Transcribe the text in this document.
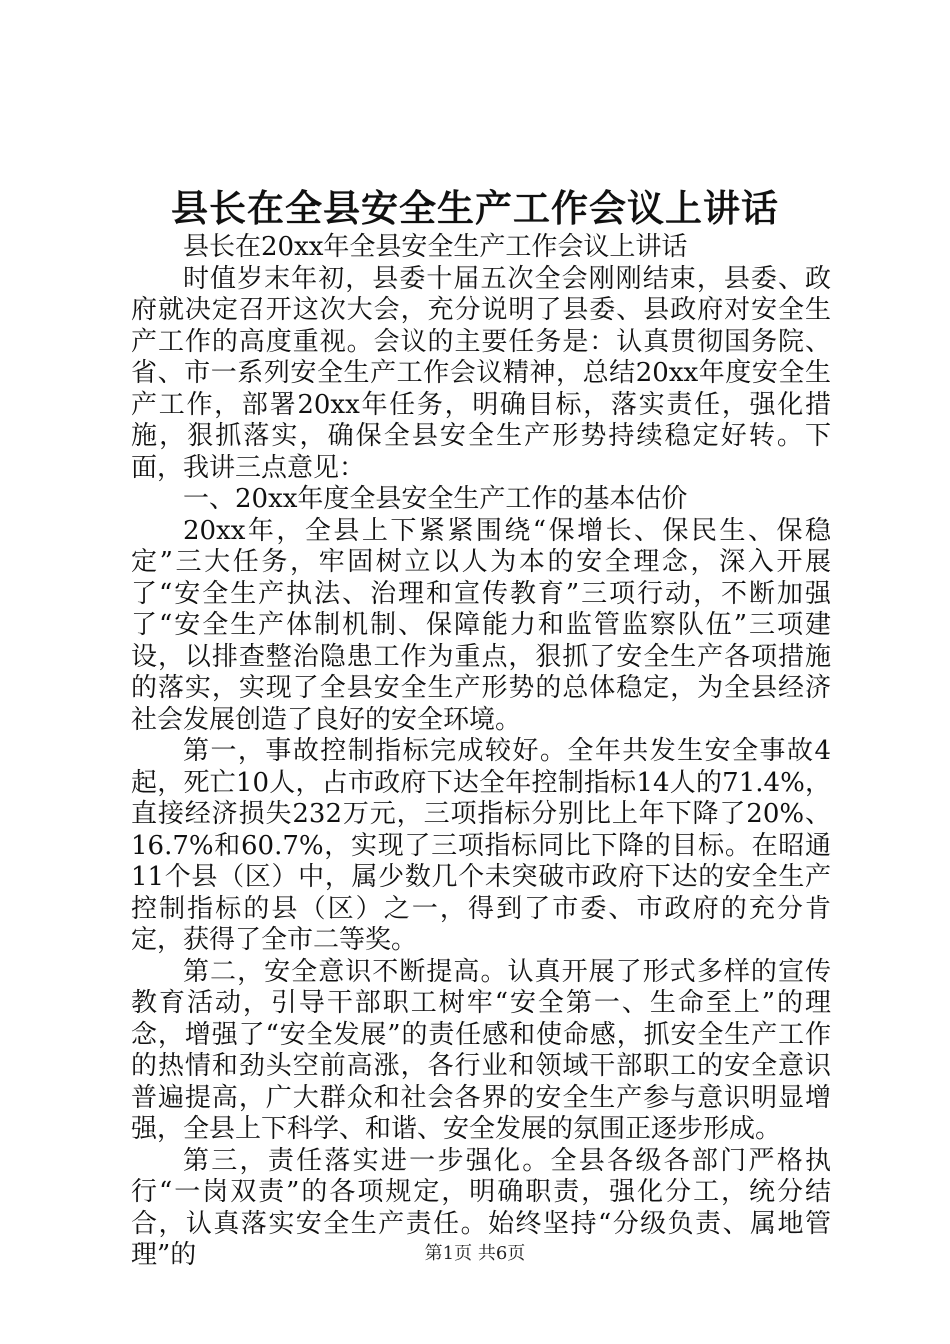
县长在全县安全生产工作会议上讲话

县长在20xx年全县安全生产工作会议上讲话

时值岁末年初，县委十届五次全会刚刚结束，县委、政府就决定召开这次大会，充分说明了县委、县政府对安全生产工作的高度重视。会议的主要任务是：认真贯彻国务院、省、市一系列安全生产工作会议精神，总结20xx年度安全生产工作，部署20xx年任务，明确目标，落实责任，强化措施，狠抓落实，确保全县安全生产形势持续稳定好转。下面，我讲三点意见：

一、20xx年度全县安全生产工作的基本估价

20xx年，全县上下紧紧围绕“保增长、保民生、保稳定”三大任务，牢固树立以人为本的安全理念，深入开展了“安全生产执法、治理和宣传教育”三项行动，不断加强了“安全生产体制机制、保障能力和监管监察队伍”三项建设，以排查整治隐患工作为重点，狠抓了安全生产各项措施的落实，实现了全县安全生产形势的总体稳定，为全县经济社会发展创造了良好的安全环境。

第一，事故控制指标完成较好。全年共发生安全事故4起，死亡10人，占市政府下达全年控制指标14人的71.4%，直接经济损失232万元，三项指标分别比上年下降了20%、16.7%和60.7%，实现了三项指标同比下降的目标。在昭通11个县（区）中，属少数几个未突破市政府下达的安全生产控制指标的县（区）之一，得到了市委、市政府的充分肯定，获得了全市二等奖。

第二，安全意识不断提高。认真开展了形式多样的宣传教育活动，引导干部职工树牢“安全第一、生命至上”的理念，增强了“安全发展”的责任感和使命感，抓安全生产工作的热情和劲头空前高涨，各行业和领域干部职工的安全意识普遍提高，广大群众和社会各界的安全生产参与意识明显增强，全县上下科学、和谐、安全发展的氛围正逐步形成。

第三，责任落实进一步强化。全县各级各部门严格执行“一岗双责”的各项规定，明确职责，强化分工，统分结合，认真落实安全生产责任。始终坚持“分级负责、属地管理”的	第1页 共6页
